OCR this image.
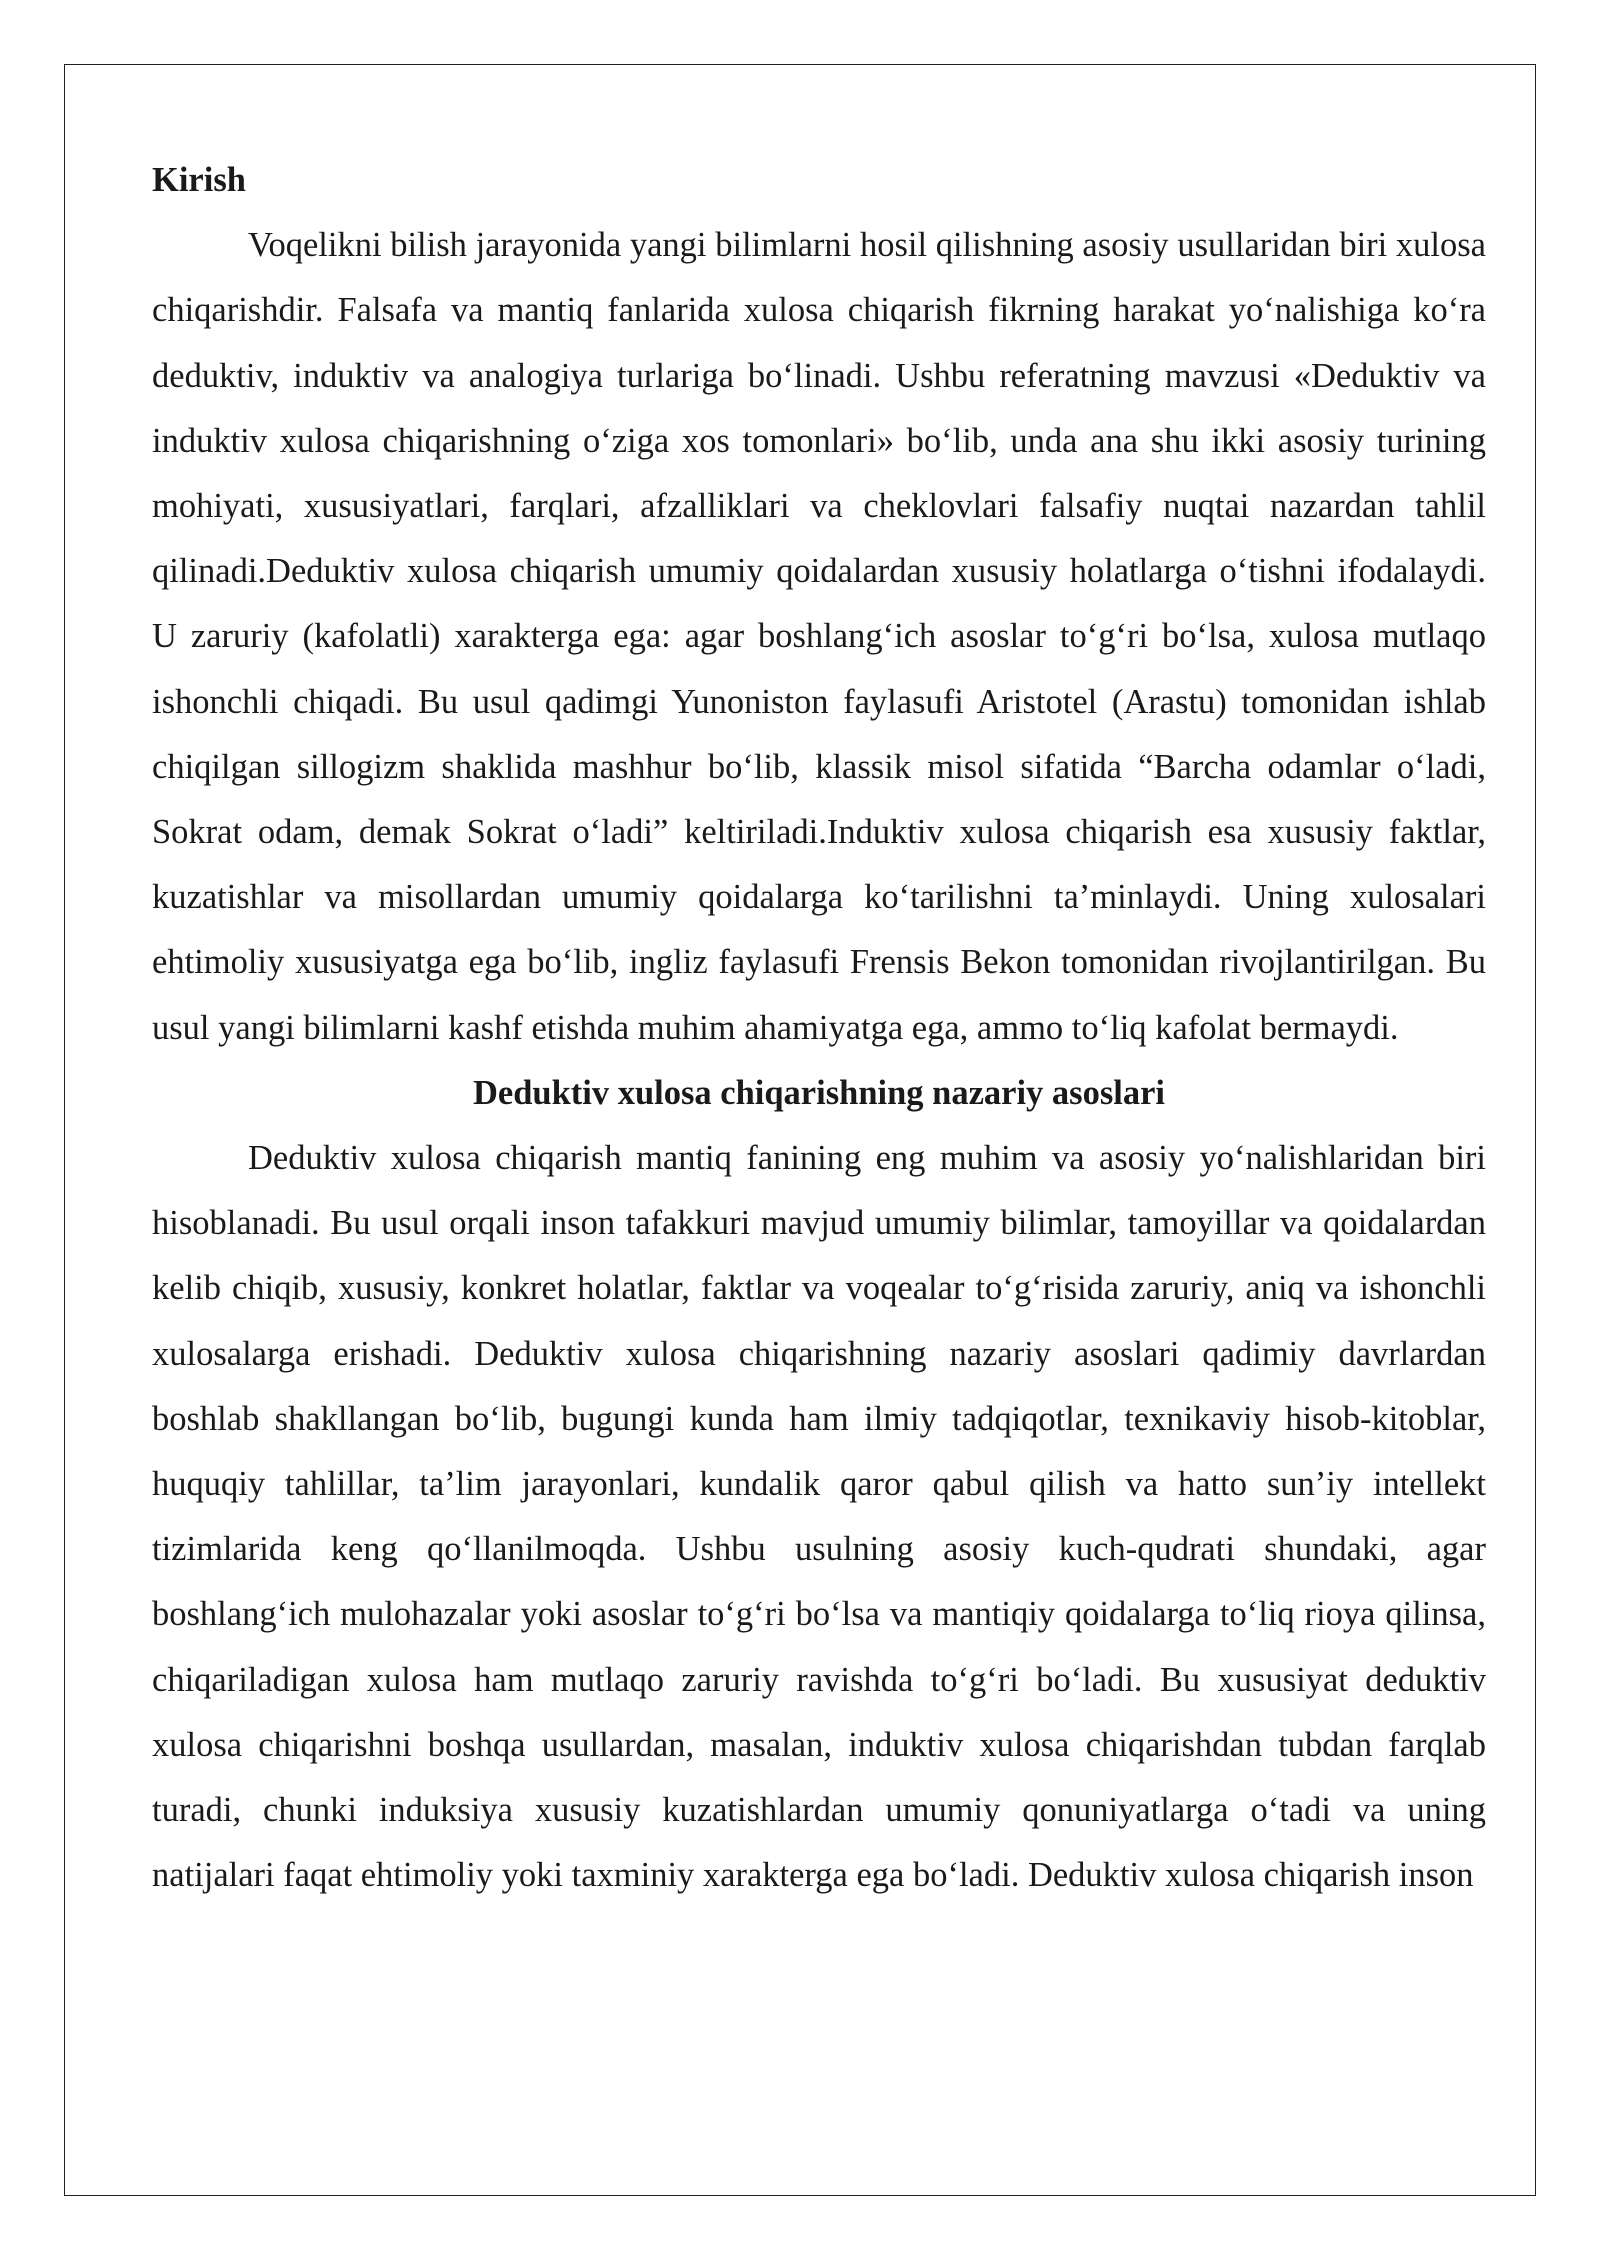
Kirish

Voqelikni bilish jarayonida yangi bilimlarni hosil qilishning asosiy usullaridan biri xulosa chiqarishdir. Falsafa va mantiq fanlarida xulosa chiqarish fikrning harakat yo‘nalishiga ko‘ra deduktiv, induktiv va analogiya turlariga bo‘linadi. Ushbu referatning mavzusi «Deduktiv va induktiv xulosa chiqarishning o‘ziga xos tomonlari» bo‘lib, unda ana shu ikki asosiy turining mohiyati, xususiyatlari, farqlari, afzalliklari va cheklovlari falsafiy nuqtai nazardan tahlil qilinadi.Deduktiv xulosa chiqarish umumiy qoidalardan xususiy holatlarga o‘tishni ifodalaydi. U zaruriy (kafolatli) xarakterga ega: agar boshlang‘ich asoslar to‘g‘ri bo‘lsa, xulosa mutlaqo ishonchli chiqadi. Bu usul qadimgi Yunoniston faylasufi Aristotel (Arastu) tomonidan ishlab chiqilgan sillogizm shaklida mashhur bo‘lib, klassik misol sifatida “Barcha odamlar o‘ladi, Sokrat odam, demak Sokrat o‘ladi” keltiriladi.Induktiv xulosa chiqarish esa xususiy faktlar, kuzatishlar va misollardan umumiy qoidalarga ko‘tarilishni ta’minlaydi. Uning xulosalari ehtimoliy xususiyatga ega bo‘lib, ingliz faylasufi Frensis Bekon tomonidan rivojlantirilgan. Bu usul yangi bilimlarni kashf etishda muhim ahamiyatga ega, ammo to‘liq kafolat bermaydi.

Deduktiv xulosa chiqarishning nazariy asoslari

Deduktiv xulosa chiqarish mantiq fanining eng muhim va asosiy yo‘nalishlaridan biri hisoblanadi. Bu usul orqali inson tafakkuri mavjud umumiy bilimlar, tamoyillar va qoidalardan kelib chiqib, xususiy, konkret holatlar, faktlar va voqealar to‘g‘risida zaruriy, aniq va ishonchli xulosalarga erishadi. Deduktiv xulosa chiqarishning nazariy asoslari qadimiy davrlardan boshlab shakllangan bo‘lib, bugungi kunda ham ilmiy tadqiqotlar, texnikaviy hisob-kitoblar, huquqiy tahlillar, ta’lim jarayonlari, kundalik qaror qabul qilish va hatto sun’iy intellekt tizimlarida keng qo‘llanilmoqda. Ushbu usulning asosiy kuch-qudrati shundaki, agar boshlang‘ich mulohazalar yoki asoslar to‘g‘ri bo‘lsa va mantiqiy qoidalarga to‘liq rioya qilinsa, chiqariladigan xulosa ham mutlaqo zaruriy ravishda to‘g‘ri bo‘ladi. Bu xususiyat deduktiv xulosa chiqarishni boshqa usullardan, masalan, induktiv xulosa chiqarishdan tubdan farqlab turadi, chunki induksiya xususiy kuzatishlardan umumiy qonuniyatlarga o‘tadi va uning natijalari faqat ehtimoliy yoki taxminiy xarakterga ega bo‘ladi. Deduktiv xulosa chiqarish inson
